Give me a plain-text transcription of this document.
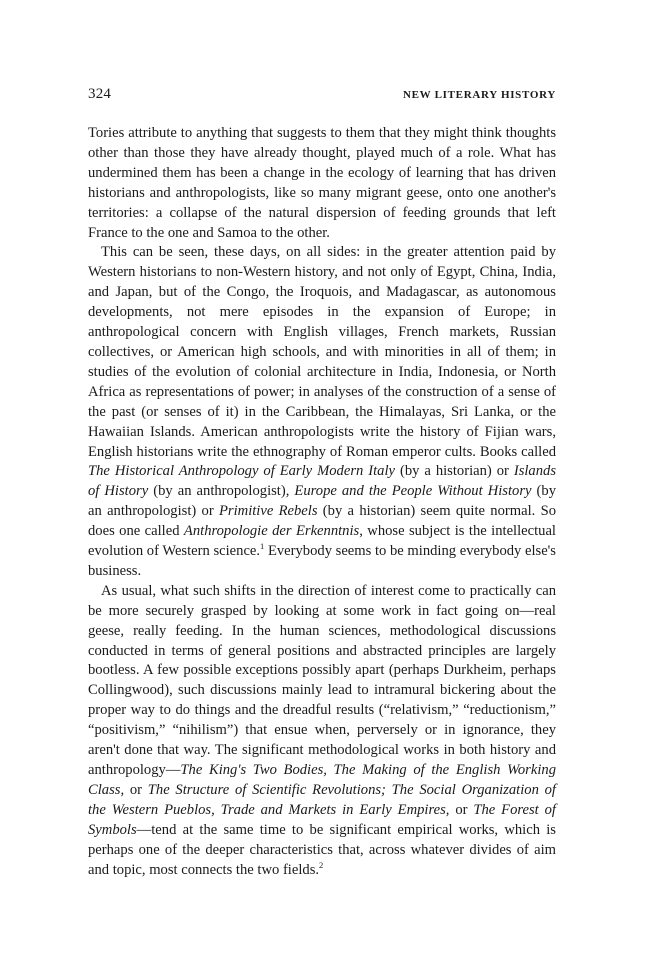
324	NEW LITERARY HISTORY

Tories attribute to anything that suggests to them that they might think thoughts other than those they have already thought, played much of a role. What has undermined them has been a change in the ecology of learning that has driven historians and anthropologists, like so many migrant geese, onto one another's territories: a collapse of the natural dispersion of feeding grounds that left France to the one and Samoa to the other.

This can be seen, these days, on all sides: in the greater attention paid by Western historians to non-Western history, and not only of Egypt, China, India, and Japan, but of the Congo, the Iroquois, and Madagascar, as autonomous developments, not mere episodes in the expansion of Europe; in anthropological concern with English villages, French markets, Russian collectives, or American high schools, and with minorities in all of them; in studies of the evolution of colonial architecture in India, Indonesia, or North Africa as representations of power; in analyses of the construction of a sense of the past (or senses of it) in the Caribbean, the Himalayas, Sri Lanka, or the Hawaiian Islands. American anthropologists write the history of Fijian wars, English historians write the ethnography of Roman emperor cults. Books called The Historical Anthropology of Early Modern Italy (by a historian) or Islands of History (by an anthropologist), Europe and the People Without History (by an anthropologist) or Primitive Rebels (by a historian) seem quite normal. So does one called Anthropologie der Erkenntnis, whose subject is the intellectual evolution of Western science.$^1$ Everybody seems to be minding everybody else's business.

As usual, what such shifts in the direction of interest come to practically can be more securely grasped by looking at some work in fact going on—real geese, really feeding. In the human sciences, methodological discussions conducted in terms of general positions and abstracted principles are largely bootless. A few possible exceptions possibly apart (perhaps Durkheim, perhaps Collingwood), such discussions mainly lead to intramural bickering about the proper way to do things and the dreadful results (“relativism,” “reductionism,” “positivism,” “nihilism”) that ensue when, perversely or in ignorance, they aren't done that way. The significant methodological works in both history and anthropology—The King's Two Bodies, The Making of the English Working Class, or The Structure of Scientific Revolutions; The Social Organization of the Western Pueblos, Trade and Markets in Early Empires, or The Forest of Symbols—tend at the same time to be significant empirical works, which is perhaps one of the deeper characteristics that, across whatever divides of aim and topic, most connects the two fields.$^2$
